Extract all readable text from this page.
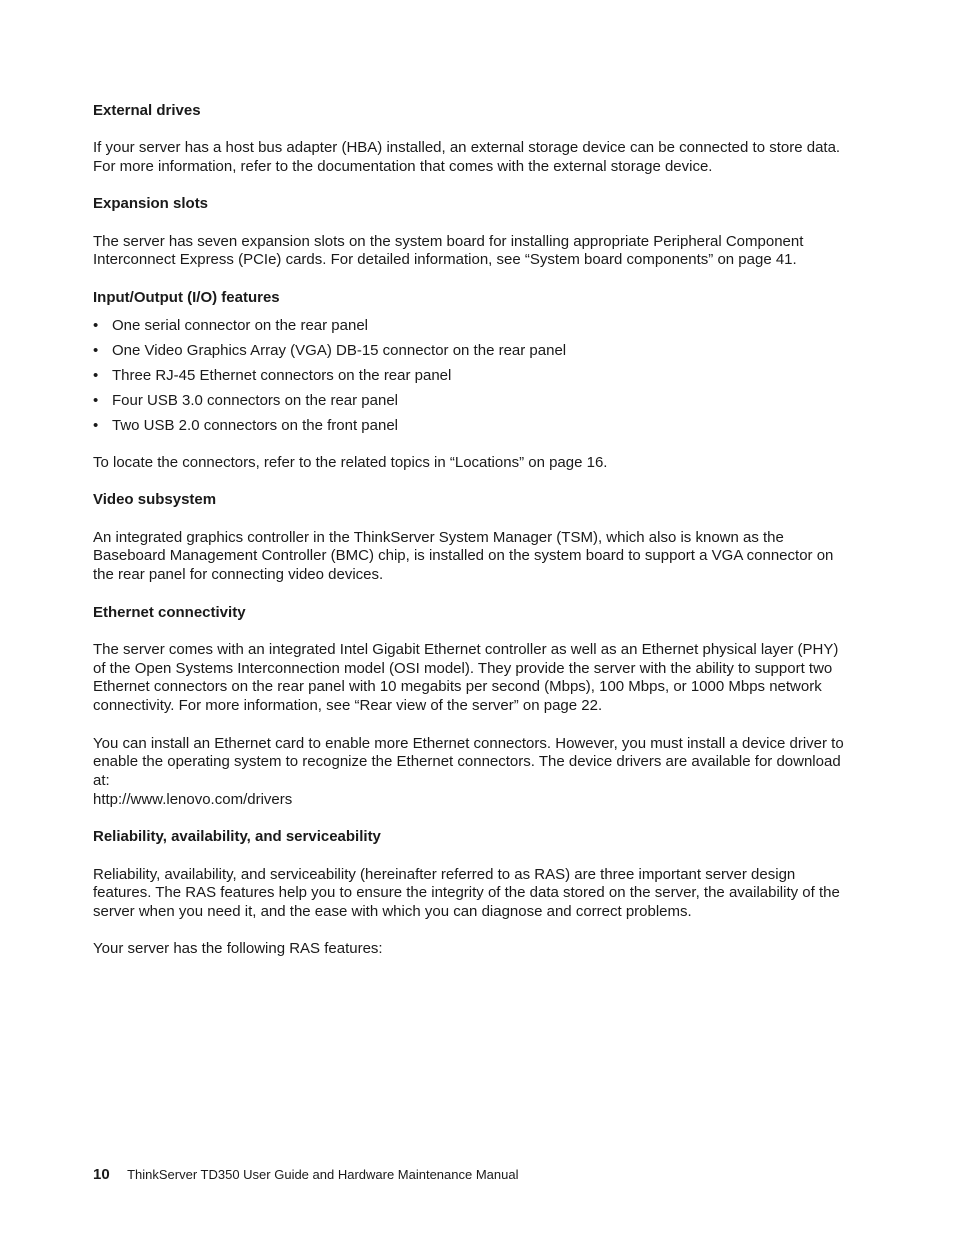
External drives

If your server has a host bus adapter (HBA) installed, an external storage device can be connected to store data. For more information, refer to the documentation that comes with the external storage device.

Expansion slots

The server has seven expansion slots on the system board for installing appropriate Peripheral Component Interconnect Express (PCIe) cards. For detailed information, see “System board components” on page 41.

Input/Output (I/O) features
• One serial connector on the rear panel
• One Video Graphics Array (VGA) DB-15 connector on the rear panel
• Three RJ-45 Ethernet connectors on the rear panel
• Four USB 3.0 connectors on the rear panel
• Two USB 2.0 connectors on the front panel

To locate the connectors, refer to the related topics in “Locations” on page 16.

Video subsystem

An integrated graphics controller in the ThinkServer System Manager (TSM), which also is known as the Baseboard Management Controller (BMC) chip, is installed on the system board to support a VGA connector on the rear panel for connecting video devices.

Ethernet connectivity

The server comes with an integrated Intel Gigabit Ethernet controller as well as an Ethernet physical layer (PHY) of the Open Systems Interconnection model (OSI model). They provide the server with the ability to support two Ethernet connectors on the rear panel with 10 megabits per second (Mbps), 100 Mbps, or 1000 Mbps network connectivity. For more information, see “Rear view of the server” on page 22.

You can install an Ethernet card to enable more Ethernet connectors. However, you must install a device driver to enable the operating system to recognize the Ethernet connectors. The device drivers are available for download at:

http://www.lenovo.com/drivers

Reliability, availability, and serviceability

Reliability, availability, and serviceability (hereinafter referred to as RAS) are three important server design features. The RAS features help you to ensure the integrity of the data stored on the server, the availability of the server when you need it, and the ease with which you can diagnose and correct problems.

Your server has the following RAS features:

10 ThinkServer TD350 User Guide and Hardware Maintenance Manual
